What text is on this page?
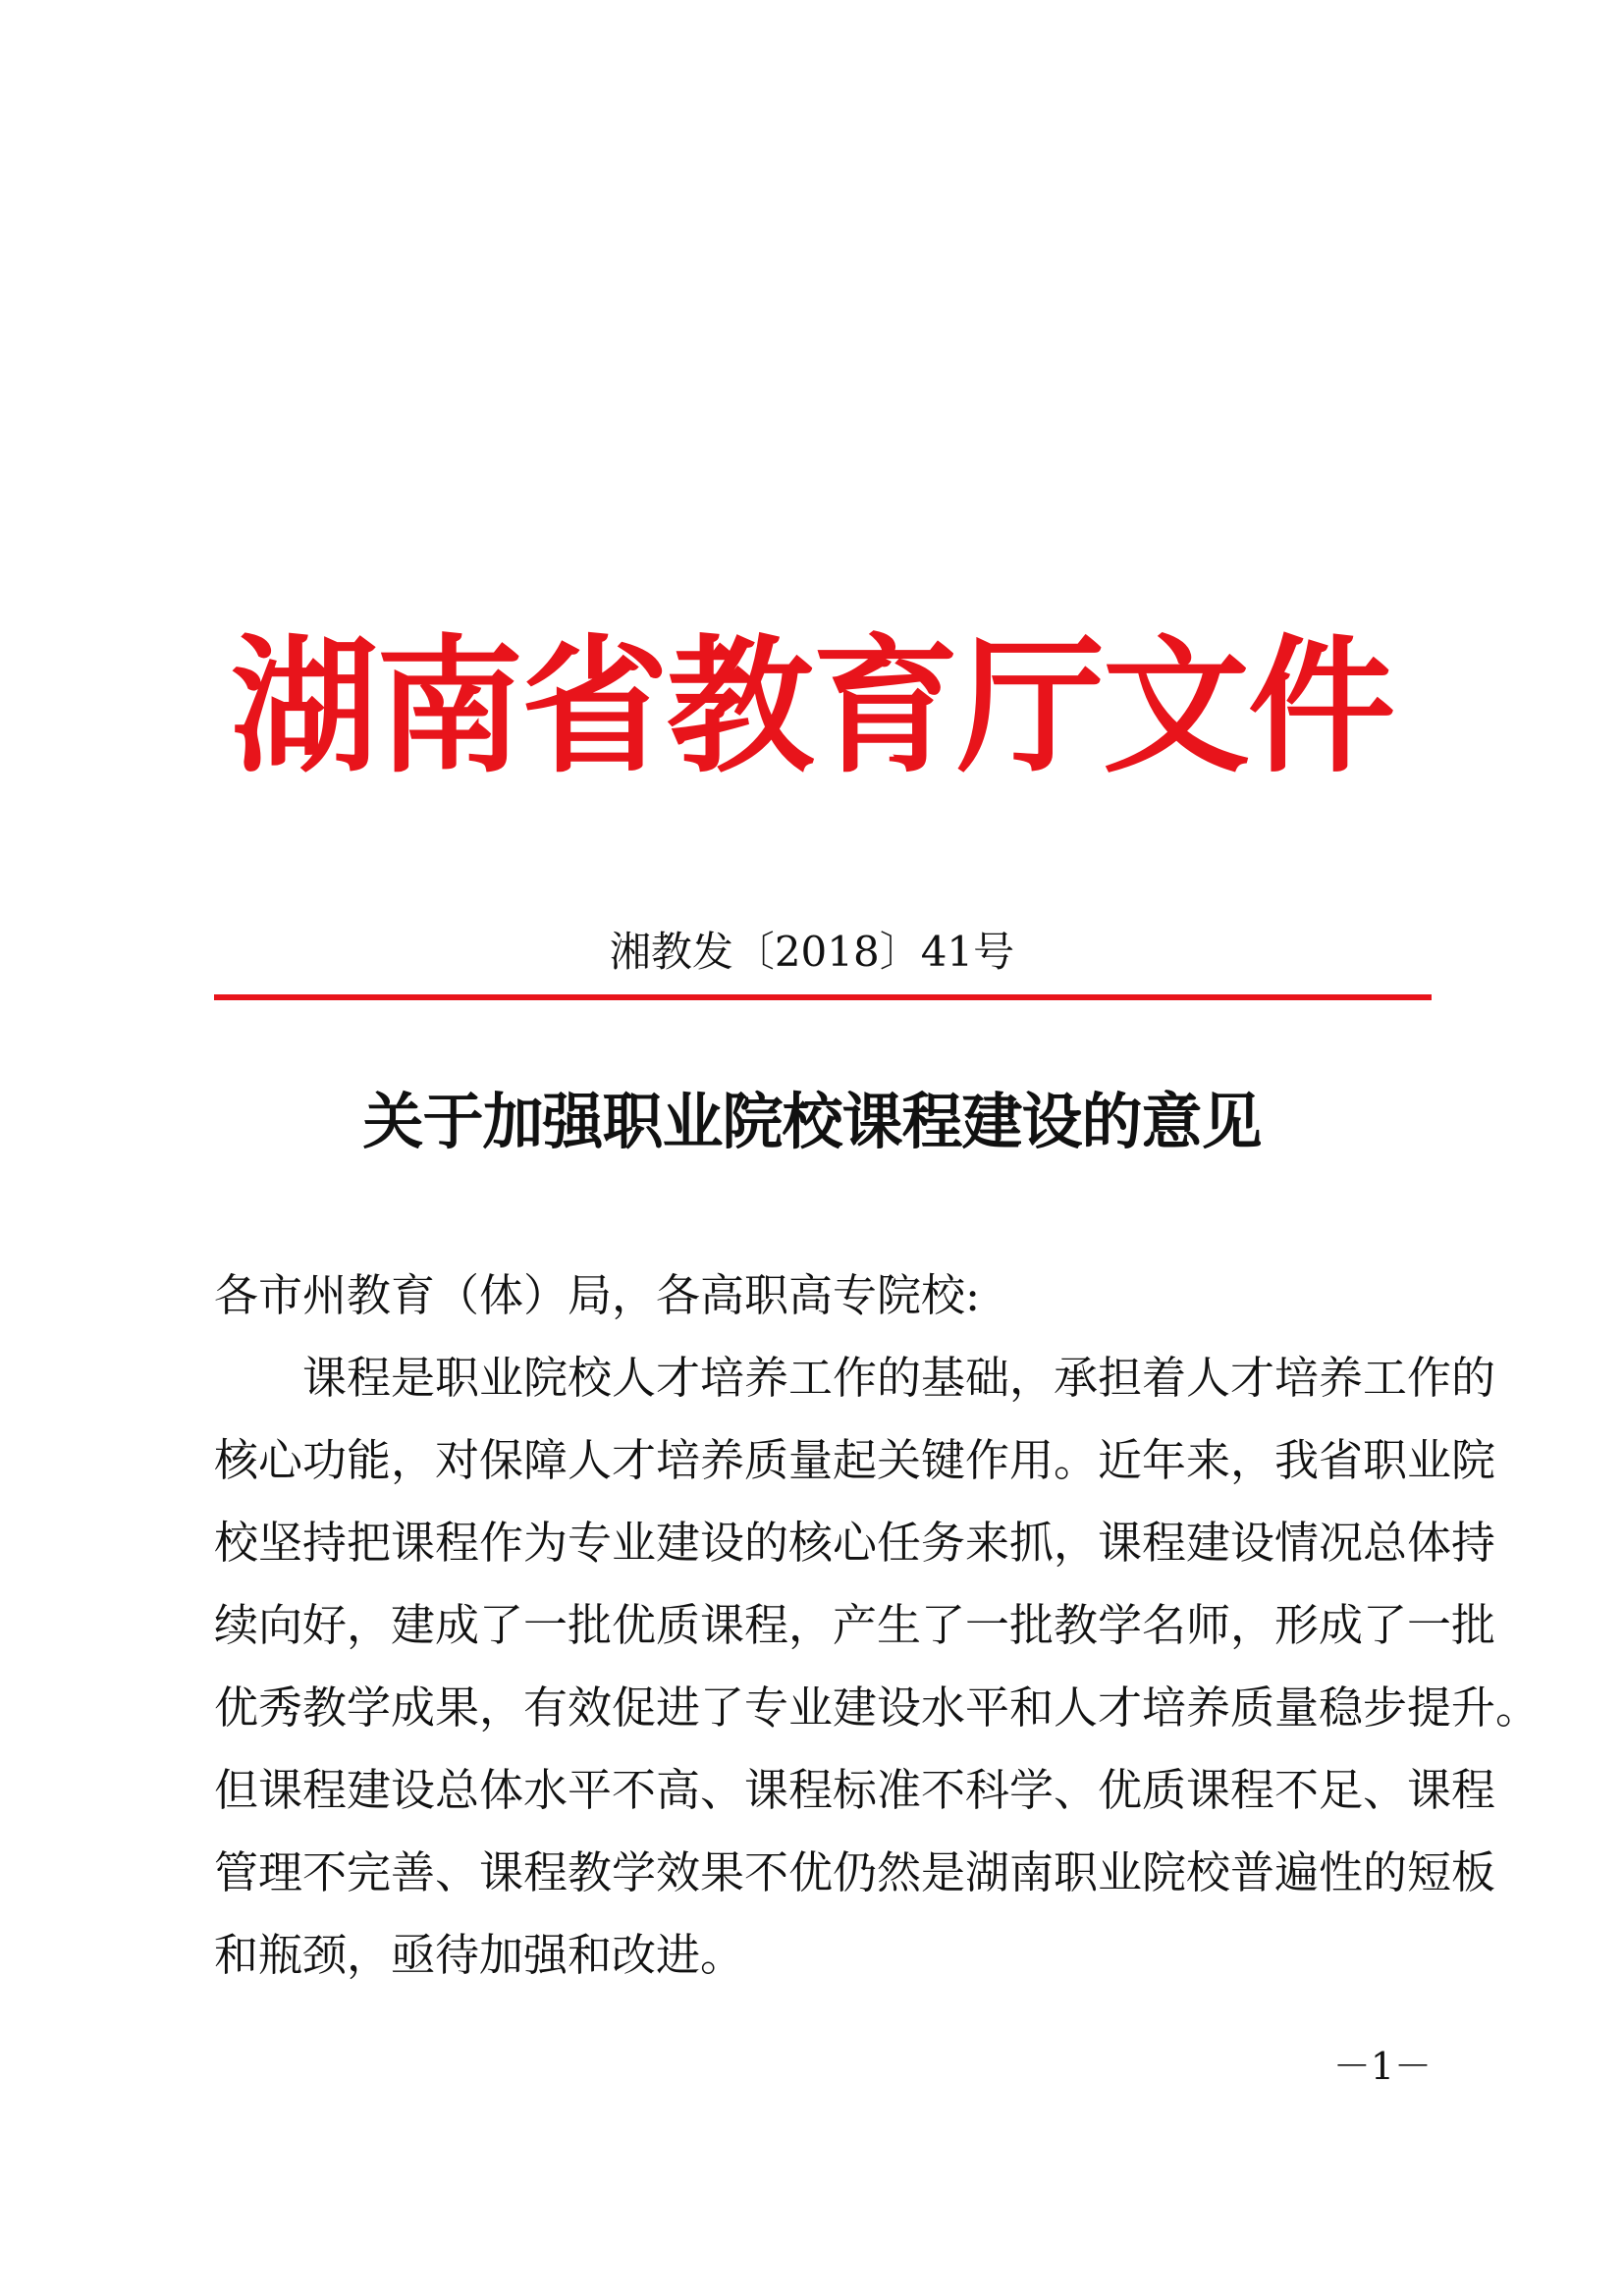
湖南省教育厅文件
湘教发〔2018〕41号
关于加强职业院校课程建设的意见
各市州教育（体）局，各高职高专院校:
课程是职业院校人才培养工作的基础，承担着人才培养工作的
核心功能，对保障人才培养质量起关键作用。近年来，我省职业院
校坚持把课程作为专业建设的核心任务来抓，课程建设情况总体持
续向好，建成了一批优质课程，产生了一批教学名师，形成了一批
优秀教学成果，有效促进了专业建设水平和人才培养质量稳步提升。
但课程建设总体水平不高、课程标准不科学、优质课程不足、课程
管理不完善、课程教学效果不优仍然是湖南职业院校普遍性的短板
和瓶颈，亟待加强和改进。
－1－
